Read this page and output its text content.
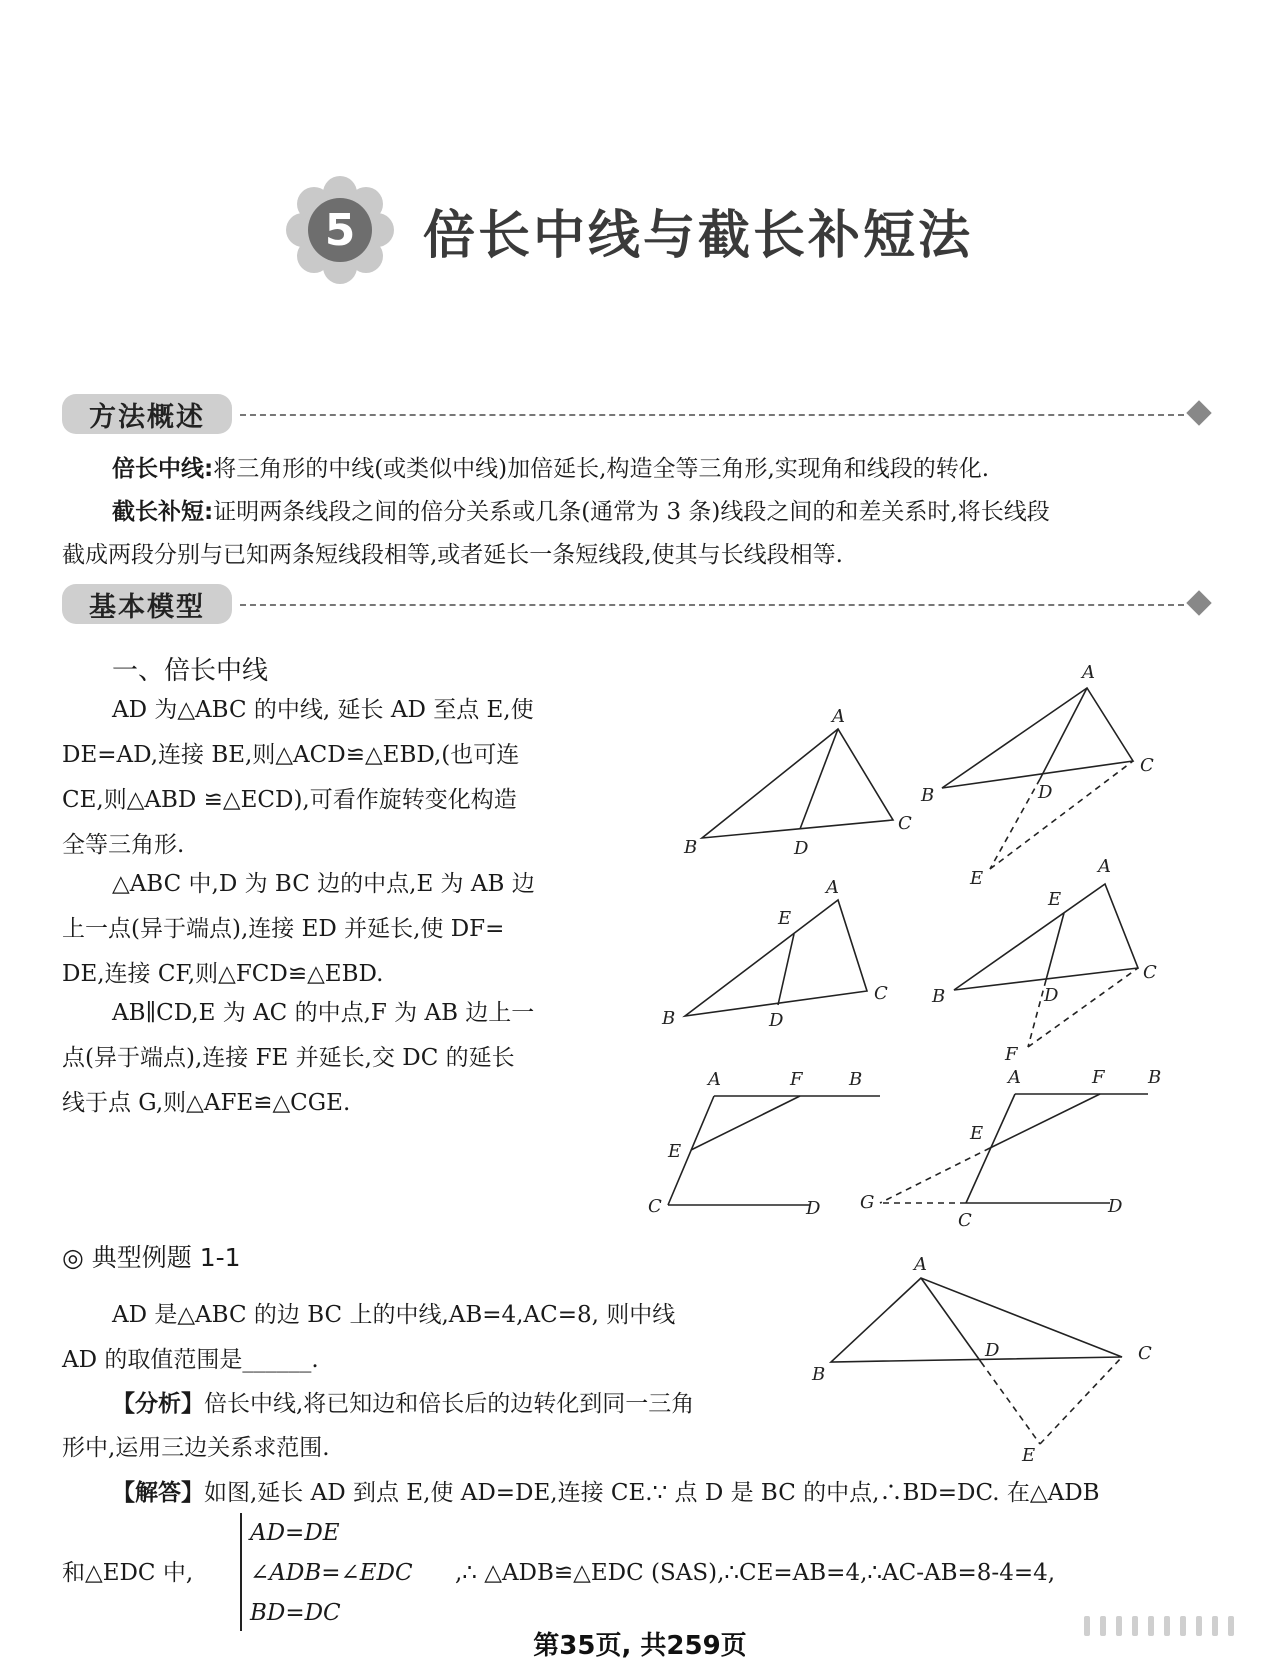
5	倍长中线与截长补短法
方法概述
倍长中线:将三角形的中线(或类似中线)加倍延长,构造全等三角形,实现角和线段的转化.
截长补短:证明两条线段之间的倍分关系或几条(通常为 3 条)线段之间的和差关系时,将长线段
截成两段分别与已知两条短线段相等,或者延长一条短线段,使其与长线段相等.
基本模型
一、倍长中线
AD 为△ABC 的中线, 延长 AD 至点 E,使
DE=AD,连接 BE,则△ACD≌△EBD,(也可连
CE,则△ABD ≌△ECD),可看作旋转变化构造
全等三角形.
△ABC 中,D 为 BC 边的中点,E 为 AB 边
上一点(异于端点),连接 ED 并延长,使 DF=
DE,连接 CF,则△FCD≌△EBD.
AB∥CD,E 为 AC 的中点,F 为 AB 边上一
点(异于端点),连接 FE 并延长,交 DC 的延长
线于点 G,则△AFE≌△CGE.
A
B
C
D
A
B
C
D
E
A
B
C
D
E
A
B
C
D
E
F
A	F	B
E
C	D
A	F B
E
G
C
D
◎ 典型例题 1-1
AD 是△ABC 的边 BC 上的中线,AB=4,AC=8, 则中线
AD 的取值范围是______.
【分析】倍长中线,将已知边和倍长后的边转化到同一三角
形中,运用三边关系求范围.
A
B
C
D
E
【解答】如图,延长 AD 到点 E,使 AD=DE,连接 CE.∵ 点 D 是 BC 的中点,∴BD=DC. 在△ADB
和△EDC 中,
AD=DE
∠ADB=∠EDC
BD=DC
,∴ △ADB≌△EDC (SAS),∴CE=AB=4,∴AC-AB=8-4=4,
第35页, 共259页
